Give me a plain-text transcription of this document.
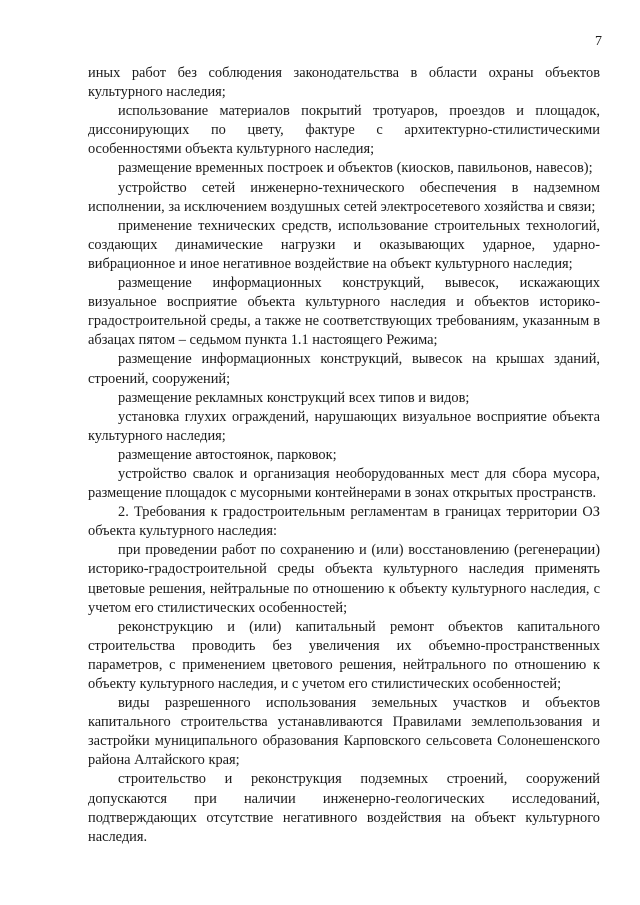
7

иных работ без соблюдения законодательства в области охраны объектов культурного наследия;

использование материалов покрытий тротуаров, проездов и площадок, диссонирующих по цвету, фактуре с архитектурно-стилистическими особенностями объекта культурного наследия;

размещение временных построек и объектов (киосков, павильонов, навесов);

устройство сетей инженерно-технического обеспечения в надземном исполнении, за исключением воздушных сетей электросетевого хозяйства и связи;

применение технических средств, использование строительных технологий, создающих динамические нагрузки и оказывающих ударное, ударно-вибрационное и иное негативное воздействие на объект культурного наследия;

размещение информационных конструкций, вывесок, искажающих визуальное восприятие объекта культурного наследия и объектов историко-градостроительной среды, а также не соответствующих требованиям, указанным в абзацах пятом – седьмом пункта 1.1 настоящего Режима;

размещение информационных конструкций, вывесок на крышах зданий, строений, сооружений;

размещение рекламных конструкций всех типов и видов;

установка глухих ограждений, нарушающих визуальное восприятие объекта культурного наследия;

размещение автостоянок, парковок;

устройство свалок и организация необорудованных мест для сбора мусора, размещение площадок с мусорными контейнерами в зонах открытых пространств.

2. Требования к градостроительным регламентам в границах территории ОЗ объекта культурного наследия:

при проведении работ по сохранению и (или) восстановлению (регенерации) историко-градостроительной среды объекта культурного наследия применять цветовые решения, нейтральные по отношению к объекту культурного наследия, с учетом его стилистических особенностей;

реконструкцию и (или) капитальный ремонт объектов капитального строительства проводить без увеличения их объемно-пространственных параметров, с применением цветового решения, нейтрального по отношению к объекту культурного наследия, и с учетом его стилистических особенностей;

виды разрешенного использования земельных участков и объектов капитального строительства устанавливаются Правилами землепользования и застройки муниципального образования Карповского сельсовета Солонешенского района Алтайского края;

строительство и реконструкция подземных строений, сооружений допускаются при наличии инженерно-геологических исследований, подтверждающих отсутствие негативного воздействия на объект культурного наследия.
